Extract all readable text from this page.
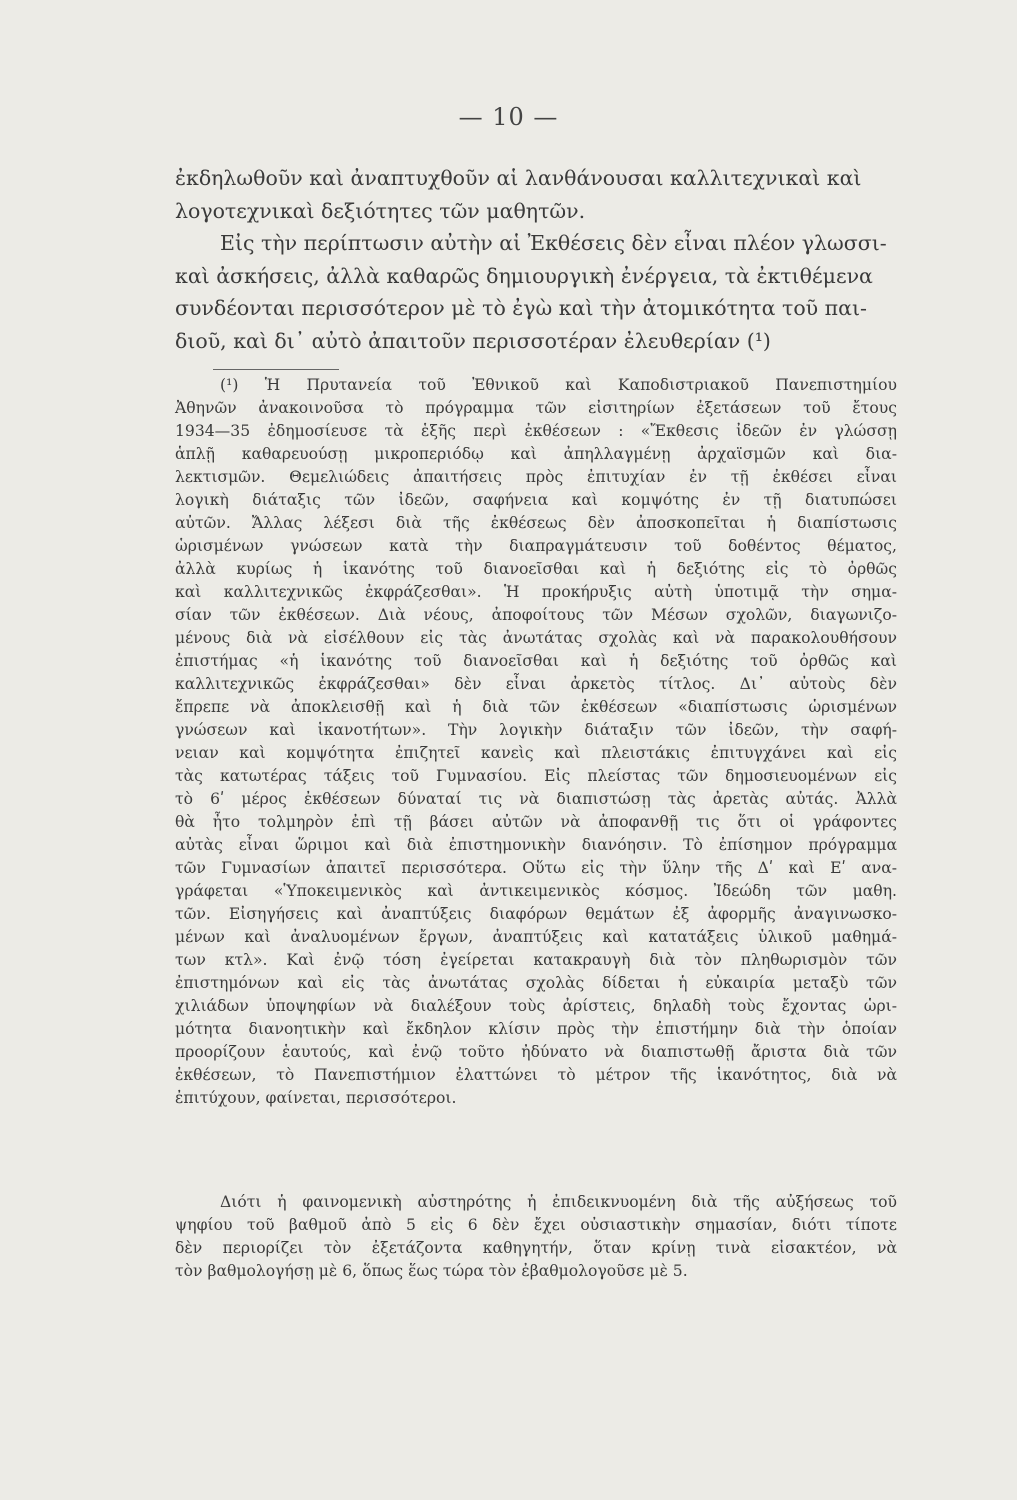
— 10 —
ἐκδηλωθοῦν καὶ ἀναπτυχθοῦν αἱ λανθάνουσαι καλλιτεχνικαὶ καὶ
λογοτεχνικαὶ δεξιότητες τῶν μαθητῶν.
Εἰς τὴν περίπτωσιν αὐτὴν αἱ Ἐκθέσεις δὲν εἶναι πλέον γλωσσι-
καὶ ἀσκήσεις, ἀλλὰ καθαρῶς δημιουργικὴ ἐνέργεια, τὰ ἐκτιθέμενα
συνδέονται περισσότερον μὲ τὸ ἐγὼ καὶ τὴν ἀτομικότητα τοῦ παι-
διοῦ, καὶ δι᾿ αὐτὸ ἀπαιτοῦν περισσοτέραν ἐλευθερίαν (¹)
(¹) Ἡ Πρυτανεία τοῦ Ἐθνικοῦ καὶ Καποδιστριακοῦ Πανεπιστημίου
Ἀθηνῶν ἀνακοινοῦσα τὸ πρόγραμμα τῶν εἰσιτηρίων ἐξετάσεων τοῦ ἔτους
1934—35 ἐδημοσίευσε τὰ ἑξῆς περὶ ἐκθέσεων : «Ἔκθεσις ἰδεῶν ἐν γλώσσῃ
ἁπλῇ καθαρευούσῃ μικροπεριόδῳ καὶ ἀπηλλαγμένῃ ἀρχαϊσμῶν καὶ δια-
λεκτισμῶν. Θεμελιώδεις ἀπαιτήσεις πρὸς ἐπιτυχίαν ἐν τῇ ἐκθέσει εἶναι
λογικὴ διάταξις τῶν ἰδεῶν, σαφήνεια καὶ κομψότης ἐν τῇ διατυπώσει
αὐτῶν. Ἄλλας λέξεσι διὰ τῆς ἐκθέσεως δὲν ἀποσκοπεῖται ἡ διαπίστωσις
ὡρισμένων γνώσεων κατὰ τὴν διαπραγμάτευσιν τοῦ δοθέντος θέματος,
ἀλλὰ κυρίως ἡ ἱκανότης τοῦ διανοεῖσθαι καὶ ἡ δεξιότης εἰς τὸ ὀρθῶς
καὶ καλλιτεχνικῶς ἐκφράζεσθαι». Ἡ προκήρυξις αὐτὴ ὑποτιμᾷ τὴν σημα-
σίαν τῶν ἐκθέσεων. Διὰ νέους, ἀποφοίτους τῶν Μέσων σχολῶν, διαγωνιζο-
μένους διὰ νὰ εἰσέλθουν εἰς τὰς ἀνωτάτας σχολὰς καὶ νὰ παρακολουθήσουν
ἐπιστήμας «ἡ ἱκανότης τοῦ διανοεῖσθαι καὶ ἡ δεξιότης τοῦ ὀρθῶς καὶ
καλλιτεχνικῶς ἐκφράζεσθαι» δὲν εἶναι ἀρκετὸς τίτλος. Δι᾿ αὐτοὺς δὲν
ἔπρεπε νὰ ἀποκλεισθῇ καὶ ἡ διὰ τῶν ἐκθέσεων «διαπίστωσις ὡρισμένων
γνώσεων καὶ ἱκανοτήτων». Τὴν λογικὴν διάταξιν τῶν ἰδεῶν, τὴν σαφή-
νειαν καὶ κομψότητα ἐπιζητεῖ κανεὶς καὶ πλειστάκις ἐπιτυγχάνει καὶ εἰς
τὰς κατωτέρας τάξεις τοῦ Γυμνασίου. Εἰς πλείστας τῶν δημοσιευομένων εἰς
τὸ 6ʹ μέρος ἐκθέσεων δύναταί τις νὰ διαπιστώσῃ τὰς ἀρετὰς αὐτάς. Ἀλλὰ
θὰ ἦτο τολμηρὸν ἐπὶ τῇ βάσει αὐτῶν νὰ ἀποφανθῇ τις ὅτι οἱ γράφοντες
αὐτὰς εἶναι ὥριμοι καὶ διὰ ἐπιστημονικὴν διανόησιν. Τὸ ἐπίσημον πρόγραμμα
τῶν Γυμνασίων ἀπαιτεῖ περισσότερα. Οὕτω εἰς τὴν ὕλην τῆς Δʹ καὶ Εʹ ανα-
γράφεται «Ὑποκειμενικὸς καὶ ἀντικειμενικὸς κόσμος. Ἰδεώδη τῶν μαθη.
τῶν. Εἰσηγήσεις καὶ ἀναπτύξεις διαφόρων θεμάτων ἐξ ἀφορμῆς ἀναγινωσκο-
μένων καὶ ἀναλυομένων ἔργων, ἀναπτύξεις καὶ κατατάξεις ὑλικοῦ μαθημά-
των κτλ». Καὶ ἐνῷ τόση ἐγείρεται κατακραυγὴ διὰ τὸν πληθωρισμὸν τῶν
ἐπιστημόνων καὶ εἰς τὰς ἀνωτάτας σχολὰς δίδεται ἡ εὐκαιρία μεταξὺ τῶν
χιλιάδων ὑποψηφίων νὰ διαλέξουν τοὺς ἀρίστεις, δηλαδὴ τοὺς ἔχοντας ὡρι-
μότητα διανοητικὴν καὶ ἔκδηλον κλίσιν πρὸς τὴν ἐπιστήμην διὰ τὴν ὁποίαν
προορίζουν ἑαυτούς, καὶ ἐνῷ τοῦτο ἠδύνατο νὰ διαπιστωθῇ ἄριστα διὰ τῶν
ἐκθέσεων, τὸ Πανεπιστήμιον ἐλαττώνει τὸ μέτρον τῆς ἱκανότητος, διὰ νὰ
ἐπιτύχουν, φαίνεται, περισσότεροι.
Διότι ἡ φαινομενικὴ αὐστηρότης ἡ ἐπιδεικνυομένη διὰ τῆς αὐξήσεως τοῦ
ψηφίου τοῦ βαθμοῦ ἀπὸ 5 εἰς 6 δὲν ἔχει οὐσιαστικὴν σημασίαν, διότι τίποτε
δὲν περιορίζει τὸν ἐξετάζοντα καθηγητήν, ὅταν κρίνῃ τινὰ εἰσακτέον, νὰ
τὸν βαθμολογήσῃ μὲ 6, ὅπως ἕως τώρα τὸν ἐβαθμολογοῦσε μὲ 5.
